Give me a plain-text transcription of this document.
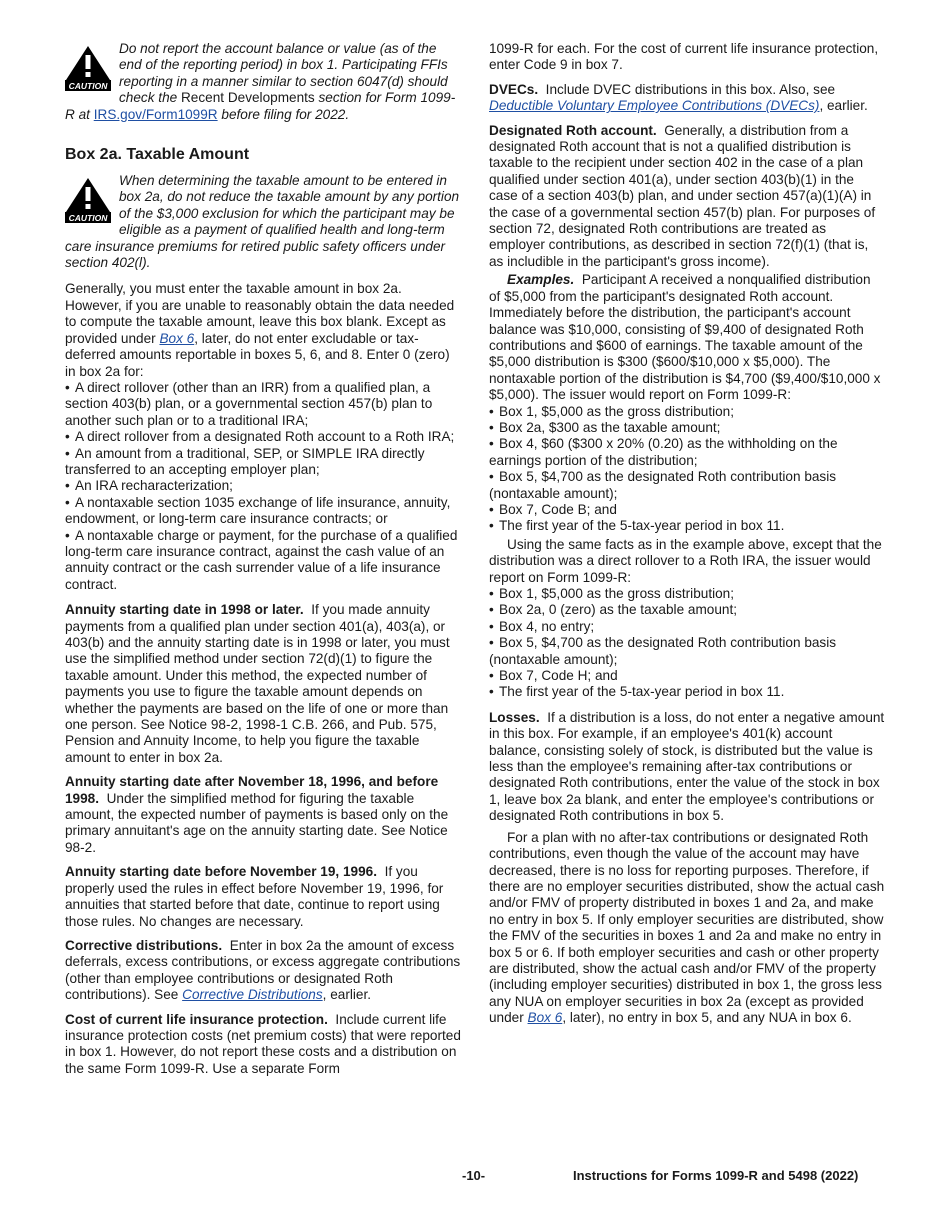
CAUTION
Do not report the account balance or value (as of the end of the reporting period) in box 1. Participating FFIs reporting in a manner similar to section 6047(d) should check the Recent Developments section for Form 1099-R at IRS.gov/Form1099R before filing for 2022.
Box 2a. Taxable Amount
CAUTION
When determining the taxable amount to be entered in box 2a, do not reduce the taxable amount by any portion of the $3,000 exclusion for which the participant may be eligible as a payment of qualified health and long-term care insurance premiums for retired public safety officers under section 402(l).

Generally, you must enter the taxable amount in box 2a. However, if you are unable to reasonably obtain the data needed to compute the taxable amount, leave this box blank. Except as provided under Box 6, later, do not enter excludable or tax-deferred amounts reportable in boxes 5, 6, and 8. Enter 0 (zero) in box 2a for:

• A direct rollover (other than an IRR) from a qualified plan, a section 403(b) plan, or a governmental section 457(b) plan to another such plan or to a traditional IRA;

• A direct rollover from a designated Roth account to a Roth IRA;

• An amount from a traditional, SEP, or SIMPLE IRA directly transferred to an accepting employer plan;

• An IRA recharacterization;

• A nontaxable section 1035 exchange of life insurance, annuity, endowment, or long-term care insurance contracts; or

• A nontaxable charge or payment, for the purchase of a qualified long-term care insurance contract, against the cash value of an annuity contract or the cash surrender value of a life insurance contract.

Annuity starting date in 1998 or later. If you made annuity payments from a qualified plan under section 401(a), 403(a), or 403(b) and the annuity starting date is in 1998 or later, you must use the simplified method under section 72(d)(1) to figure the taxable amount. Under this method, the expected number of payments you use to figure the taxable amount depends on whether the payments are based on the life of one or more than one person. See Notice 98-2, 1998-1 C.B. 266, and Pub. 575, Pension and Annuity Income, to help you figure the taxable amount to enter in box 2a.

Annuity starting date after November 18, 1996, and before 1998. Under the simplified method for figuring the taxable amount, the expected number of payments is based only on the primary annuitant's age on the annuity starting date. See Notice 98-2.

Annuity starting date before November 19, 1996. If you properly used the rules in effect before November 19, 1996, for annuities that started before that date, continue to report using those rules. No changes are necessary.

Corrective distributions. Enter in box 2a the amount of excess deferrals, excess contributions, or excess aggregate contributions (other than employee contributions or designated Roth contributions). See Corrective Distributions, earlier.

Cost of current life insurance protection. Include current life insurance protection costs (net premium costs) that were reported in box 1. However, do not report these costs and a distribution on the same Form 1099-R. Use a separate Form

1099-R for each. For the cost of current life insurance protection, enter Code 9 in box 7.

DVECs. Include DVEC distributions in this box. Also, see Deductible Voluntary Employee Contributions (DVECs), earlier.

Designated Roth account. Generally, a distribution from a designated Roth account that is not a qualified distribution is taxable to the recipient under section 402 in the case of a plan qualified under section 401(a), under section 403(b)(1) in the case of a section 403(b) plan, and under section 457(a)(1)(A) in the case of a governmental section 457(b) plan. For purposes of section 72, designated Roth contributions are treated as employer contributions, as described in section 72(f)(1) (that is, as includible in the participant's gross income).

Examples. Participant A received a nonqualified distribution of $5,000 from the participant's designated Roth account. Immediately before the distribution, the participant's account balance was $10,000, consisting of $9,400 of designated Roth contributions and $600 of earnings. The taxable amount of the $5,000 distribution is $300 ($600/$10,000 x $5,000). The nontaxable portion of the distribution is $4,700 ($9,400/$10,000 x $5,000). The issuer would report on Form 1099-R:

• Box 1, $5,000 as the gross distribution;

• Box 2a, $300 as the taxable amount;

• Box 4, $60 ($300 x 20% (0.20) as the withholding on the earnings portion of the distribution;

• Box 5, $4,700 as the designated Roth contribution basis (nontaxable amount);

• Box 7, Code B; and

• The first year of the 5-tax-year period in box 11.

Using the same facts as in the example above, except that the distribution was a direct rollover to a Roth IRA, the issuer would report on Form 1099-R:

• Box 1, $5,000 as the gross distribution;

• Box 2a, 0 (zero) as the taxable amount;

• Box 4, no entry;

• Box 5, $4,700 as the designated Roth contribution basis (nontaxable amount);

• Box 7, Code H; and

• The first year of the 5-tax-year period in box 11.

Losses. If a distribution is a loss, do not enter a negative amount in this box. For example, if an employee's 401(k) account balance, consisting solely of stock, is distributed but the value is less than the employee's remaining after-tax contributions or designated Roth contributions, enter the value of the stock in box 1, leave box 2a blank, and enter the employee's contributions or designated Roth contributions in box 5.

For a plan with no after-tax contributions or designated Roth contributions, even though the value of the account may have decreased, there is no loss for reporting purposes. Therefore, if there are no employer securities distributed, show the actual cash and/or FMV of property distributed in boxes 1 and 2a, and make no entry in box 5. If only employer securities are distributed, show the FMV of the securities in boxes 1 and 2a and make no entry in box 5 or 6. If both employer securities and cash or other property are distributed, show the actual cash and/or FMV of the property (including employer securities) distributed in box 1, the gross less any NUA on employer securities in box 2a (except as provided under Box 6, later), no entry in box 5, and any NUA in box 6.

-10-	Instructions for Forms 1099-R and 5498 (2022)
